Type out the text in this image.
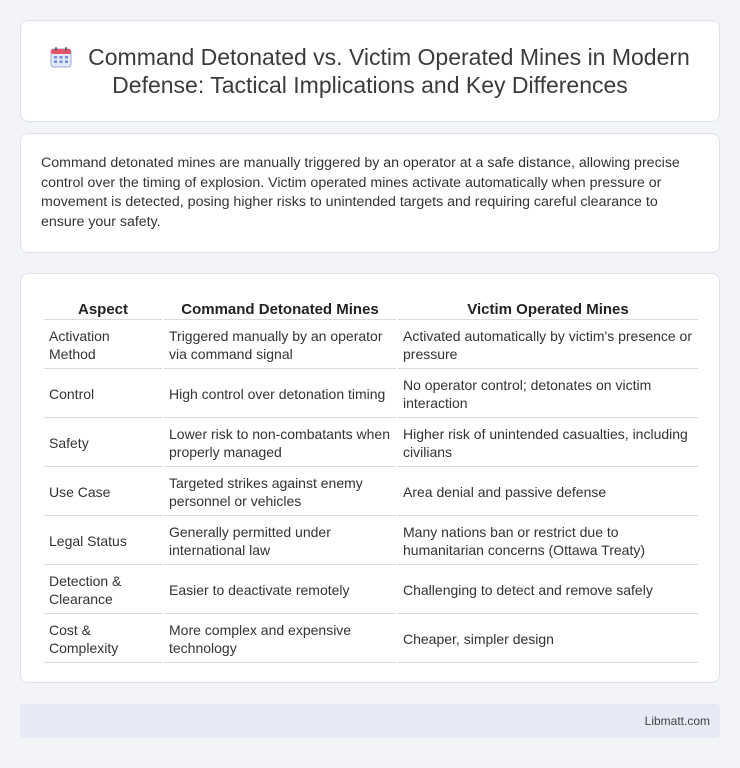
Command Detonated vs. Victim Operated Mines in Modern Defense: Tactical Implications and Key Differences

Command detonated mines are manually triggered by an operator at a safe distance, allowing precise control over the timing of explosion. Victim operated mines activate automatically when pressure or movement is detected, posing higher risks to unintended targets and requiring careful clearance to ensure your safety.

Aspect	Command Detonated Mines	Victim Operated Mines
Activation Method	Triggered manually by an operator via command signal	Activated automatically by victim's presence or pressure
Control	High control over detonation timing	No operator control; detonates on victim interaction
Safety	Lower risk to non-combatants when properly managed	Higher risk of unintended casualties, including civilians
Use Case	Targeted strikes against enemy personnel or vehicles	Area denial and passive defense
Legal Status	Generally permitted under international law	Many nations ban or restrict due to humanitarian concerns (Ottawa Treaty)
Detection & Clearance	Easier to deactivate remotely	Challenging to detect and remove safely
Cost & Complexity	More complex and expensive technology	Cheaper, simpler design
Libmatt.com
